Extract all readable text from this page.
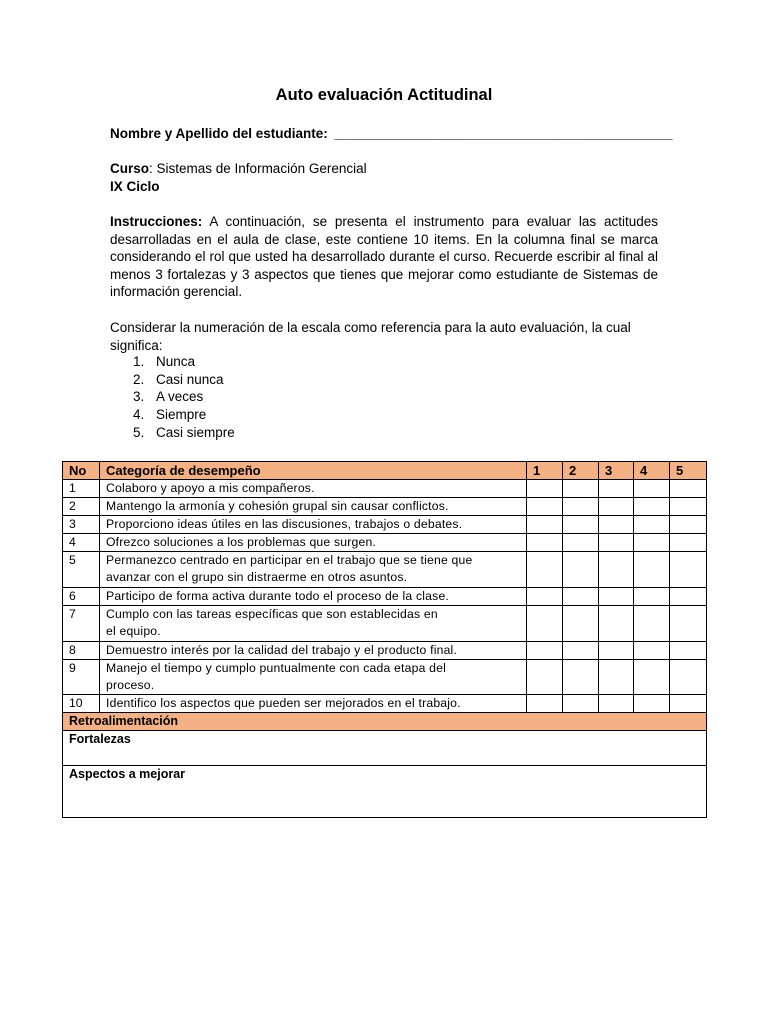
Auto evaluación Actitudinal
Nombre y Apellido del estudiante: _____________________________________________
Curso: Sistemas de Información Gerencial
IX Ciclo
Instrucciones: A continuación, se presenta el instrumento para evaluar las actitudes desarrolladas en el aula de clase, este contiene 10 items. En la columna final se marca considerando el rol que usted ha desarrollado durante el curso. Recuerde escribir al final al menos 3 fortalezas y 3 aspectos que tienes que mejorar como estudiante de Sistemas de información gerencial.
Considerar la numeración de la escala como referencia para la auto evaluación, la cual significa:
1. Nunca
2. Casi nunca
3. A veces
4. Siempre
5. Casi siempre
No	Categoría de desempeño	1	2	3	4	5
1	Colaboro y apoyo a mis compañeros.					
2	Mantengo la armonía y cohesión grupal sin causar conflictos.					
3	Proporciono ideas útiles en las discusiones, trabajos o debates.					
4	Ofrezco soluciones a los problemas que surgen.					
5	Permanezco centrado en participar en el trabajo que se tiene que
avanzar con el grupo sin distraerme en otros asuntos.					
6	Participo de forma activa durante todo el proceso de la clase.					
7	Cumplo con las tareas específicas que son establecidas en
el equipo.					
8	Demuestro interés por la calidad del trabajo y el producto final.					
9	Manejo el tiempo y cumplo puntualmente con cada etapa del
proceso.					
10	Identifico los aspectos que pueden ser mejorados en el trabajo.					
Retroalimentación						
Fortalezas						
Aspectos a mejorar						
